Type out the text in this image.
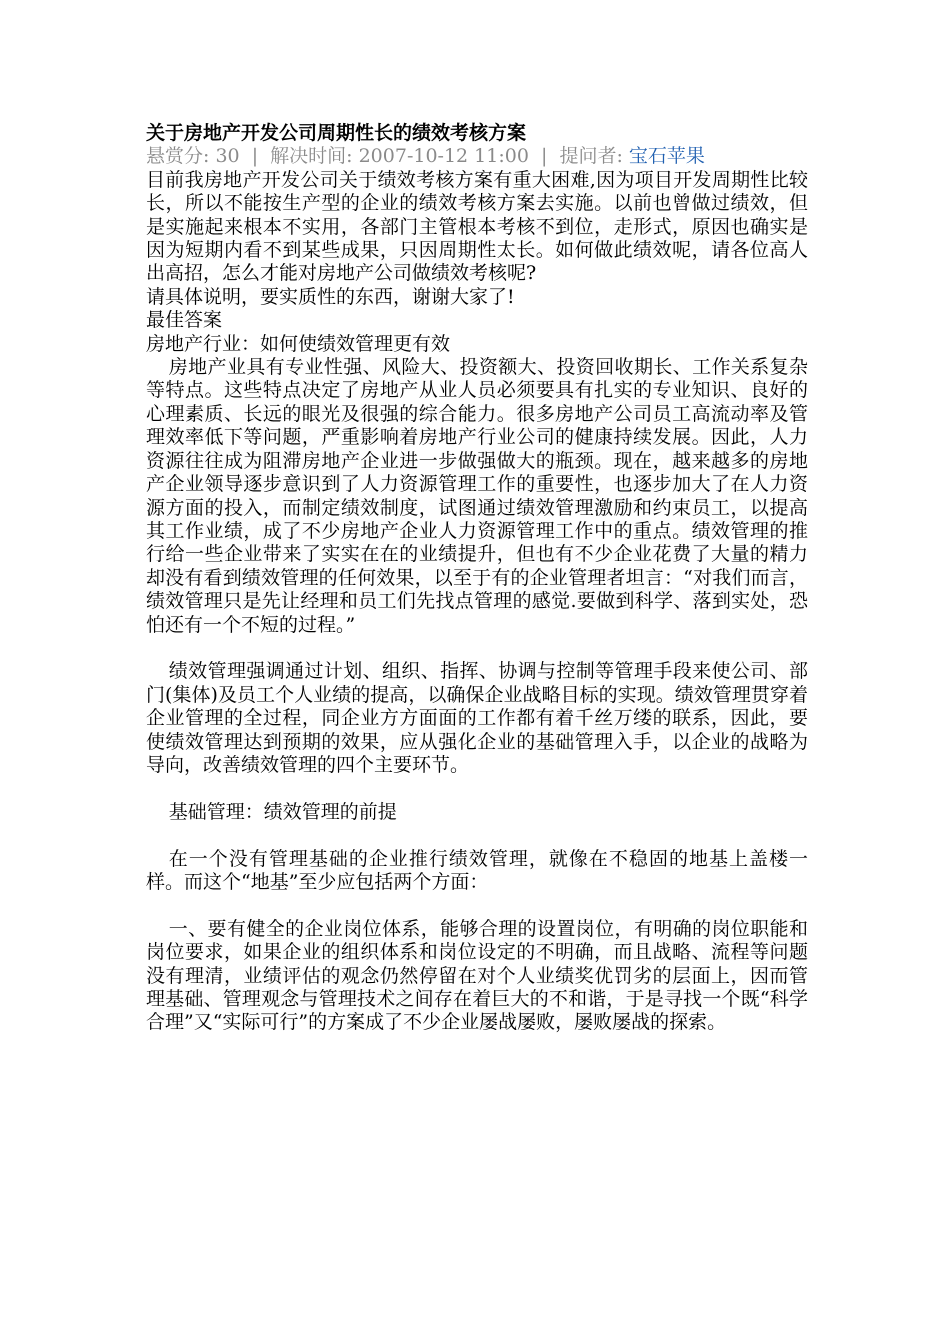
关于房地产开发公司周期性长的绩效考核方案
悬赏分: 30 | 解决时间: 2007-10-12 11:00 | 提问者: 宝石苹果

目前我房地产开发公司关于绩效考核方案有重大困难,因为项目开发周期性比较长，所以不能按生产型的企业的绩效考核方案去实施。以前也曾做过绩效，但是实施起来根本不实用，各部门主管根本考核不到位，走形式，原因也确实是因为短期内看不到某些成果，只因周期性太长。如何做此绩效呢，请各位高人出高招，怎么才能对房地产公司做绩效考核呢?

请具体说明，要实质性的东西，谢谢大家了!

最佳答案

房地产行业：如何使绩效管理更有效

房地产业具有专业性强、风险大、投资额大、投资回收期长、工作关系复杂等特点。这些特点决定了房地产从业人员必须要具有扎实的专业知识、良好的心理素质、长远的眼光及很强的综合能力。很多房地产公司员工高流动率及管理效率低下等问题，严重影响着房地产行业公司的健康持续发展。因此，人力资源往往成为阻滞房地产企业进一步做强做大的瓶颈。现在，越来越多的房地产企业领导逐步意识到了人力资源管理工作的重要性，也逐步加大了在人力资源方面的投入，而制定绩效制度，试图通过绩效管理激励和约束员工，以提高其工作业绩，成了不少房地产企业人力资源管理工作中的重点。绩效管理的推行给一些企业带来了实实在在的业绩提升，但也有不少企业花费了大量的精力却没有看到绩效管理的任何效果，以至于有的企业管理者坦言：“对我们而言，绩效管理只是先让经理和员工们先找点管理的感觉.要做到科学、落到实处，恐怕还有一个不短的过程。”

绩效管理强调通过计划、组织、指挥、协调与控制等管理手段来使公司、部门(集体)及员工个人业绩的提高，以确保企业战略目标的实现。绩效管理贯穿着企业管理的全过程，同企业方方面面的工作都有着千丝万缕的联系，因此，要使绩效管理达到预期的效果，应从强化企业的基础管理入手，以企业的战略为导向，改善绩效管理的四个主要环节。

基础管理：绩效管理的前提

在一个没有管理基础的企业推行绩效管理，就像在不稳固的地基上盖楼一样。而这个“地基”至少应包括两个方面：

一、要有健全的企业岗位体系，能够合理的设置岗位，有明确的岗位职能和岗位要求，如果企业的组织体系和岗位设定的不明确，而且战略、流程等问题没有理清，业绩评估的观念仍然停留在对个人业绩奖优罚劣的层面上，因而管理基础、管理观念与管理技术之间存在着巨大的不和谐，于是寻找一个既“科学合理”又“实际可行”的方案成了不少企业屡战屡败，屡败屡战的探索。
